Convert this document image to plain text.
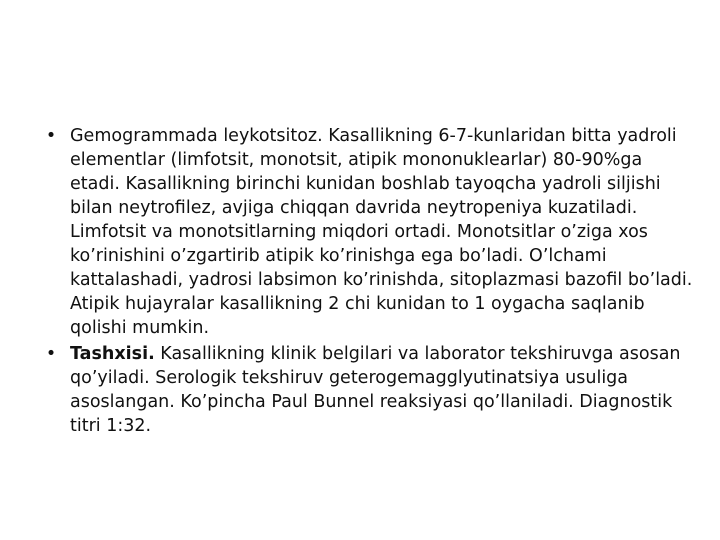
• Gemogrammada leykotsitoz. Kasallikning 6-7-kunlaridan bitta yadroli elementlar (limfotsit, monotsit, atipik mononuklearlar) 80-90%ga etadi. Kasallikning birinchi kunidan boshlab tayoqcha yadroli siljishi bilan neytrofilez, avjiga chiqqan davrida neytropeniya kuzatiladi. Limfotsit va monotsitlarning miqdori ortadi. Monotsitlar o’ziga xos ko’rinishini o’zgartirib atipik ko’rinishga ega bo’ladi. O’lchami kattalashadi, yadrosi labsimon ko’rinishda, sitoplazmasi bazofil bo’ladi. Atipik hujayralar kasallikning 2 chi kunidan to 1 oygacha saqlanib qolishi mumkin.
• Tashxisi. Kasallikning klinik belgilari va laborator tekshiruvga asosan qo’yiladi. Serologik tekshiruv geterogemagglyutinatsiya usuliga asoslangan. Ko’pincha Paul Bunnel reaksiyasi qo’llaniladi. Diagnostik titri 1:32.
